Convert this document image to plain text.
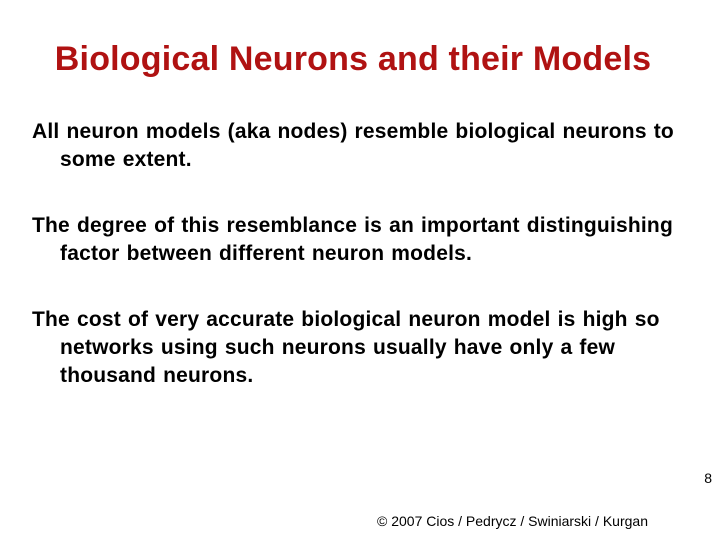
Biological Neurons and their Models

All neuron models (aka nodes) resemble biological neurons to some extent.

The degree of this resemblance is an important distinguishing factor between different neuron models.

The cost of very accurate biological neuron model is high so networks using such neurons usually have only a few thousand neurons.

8
© 2007 Cios / Pedrycz / Swiniarski / Kurgan
